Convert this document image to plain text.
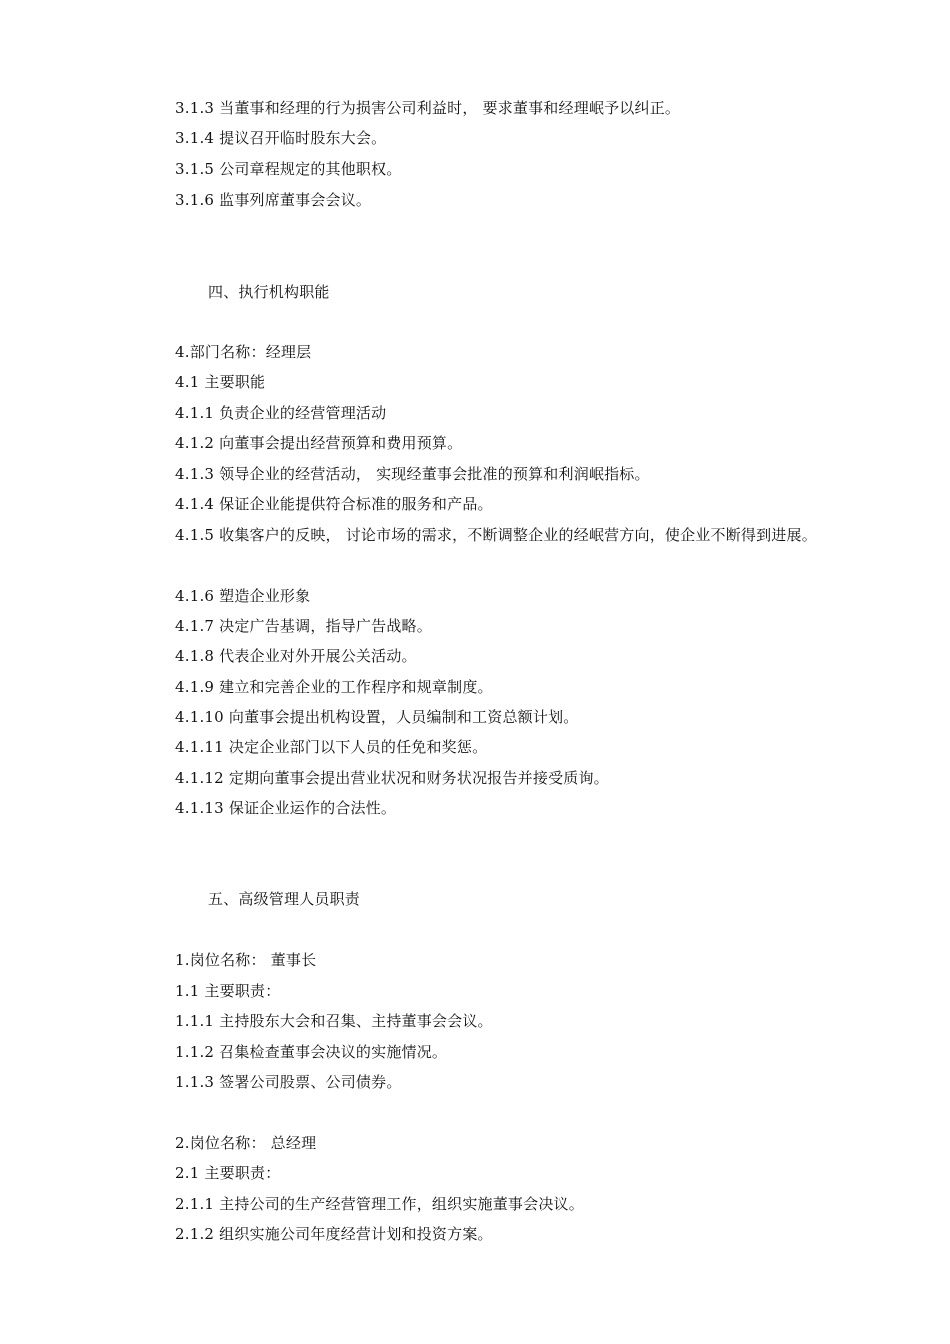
3.1.3 当董事和经理的行为损害公司利益时， 要求董事和经理岷予以纠正。
3.1.4 提议召开临时股东大会。
3.1.5 公司章程规定的其他职权。
3.1.6 监事列席董事会会议。
四、执行机构职能
4.部门名称：经理层
4.1 主要职能
4.1.1 负责企业的经营管理活动
4.1.2 向董事会提出经营预算和费用预算。
4.1.3 领导企业的经营活动， 实现经董事会批准的预算和利润岷指标。
4.1.4 保证企业能提供符合标准的服务和产品。
4.1.5 收集客户的反映， 讨论市场的需求，不断调整企业的经岷营方向，使企业不断得到进展。
4.1.6 塑造企业形象
4.1.7 决定广告基调，指导广告战略。
4.1.8 代表企业对外开展公关活动。
4.1.9 建立和完善企业的工作程序和规章制度。
4.1.10 向董事会提出机构设置，人员编制和工资总额计划。
4.1.11 决定企业部门以下人员的任免和奖惩。
4.1.12 定期向董事会提出营业状况和财务状况报告并接受质询。
4.1.13 保证企业运作的合法性。
五、高级管理人员职责
1.岗位名称： 董事长
1.1 主要职责：
1.1.1 主持股东大会和召集、主持董事会会议。
1.1.2 召集检查董事会决议的实施情况。
1.1.3 签署公司股票、公司债券。
2.岗位名称： 总经理
2.1 主要职责：
2.1.1 主持公司的生产经营管理工作，组织实施董事会决议。
2.1.2 组织实施公司年度经营计划和投资方案。
